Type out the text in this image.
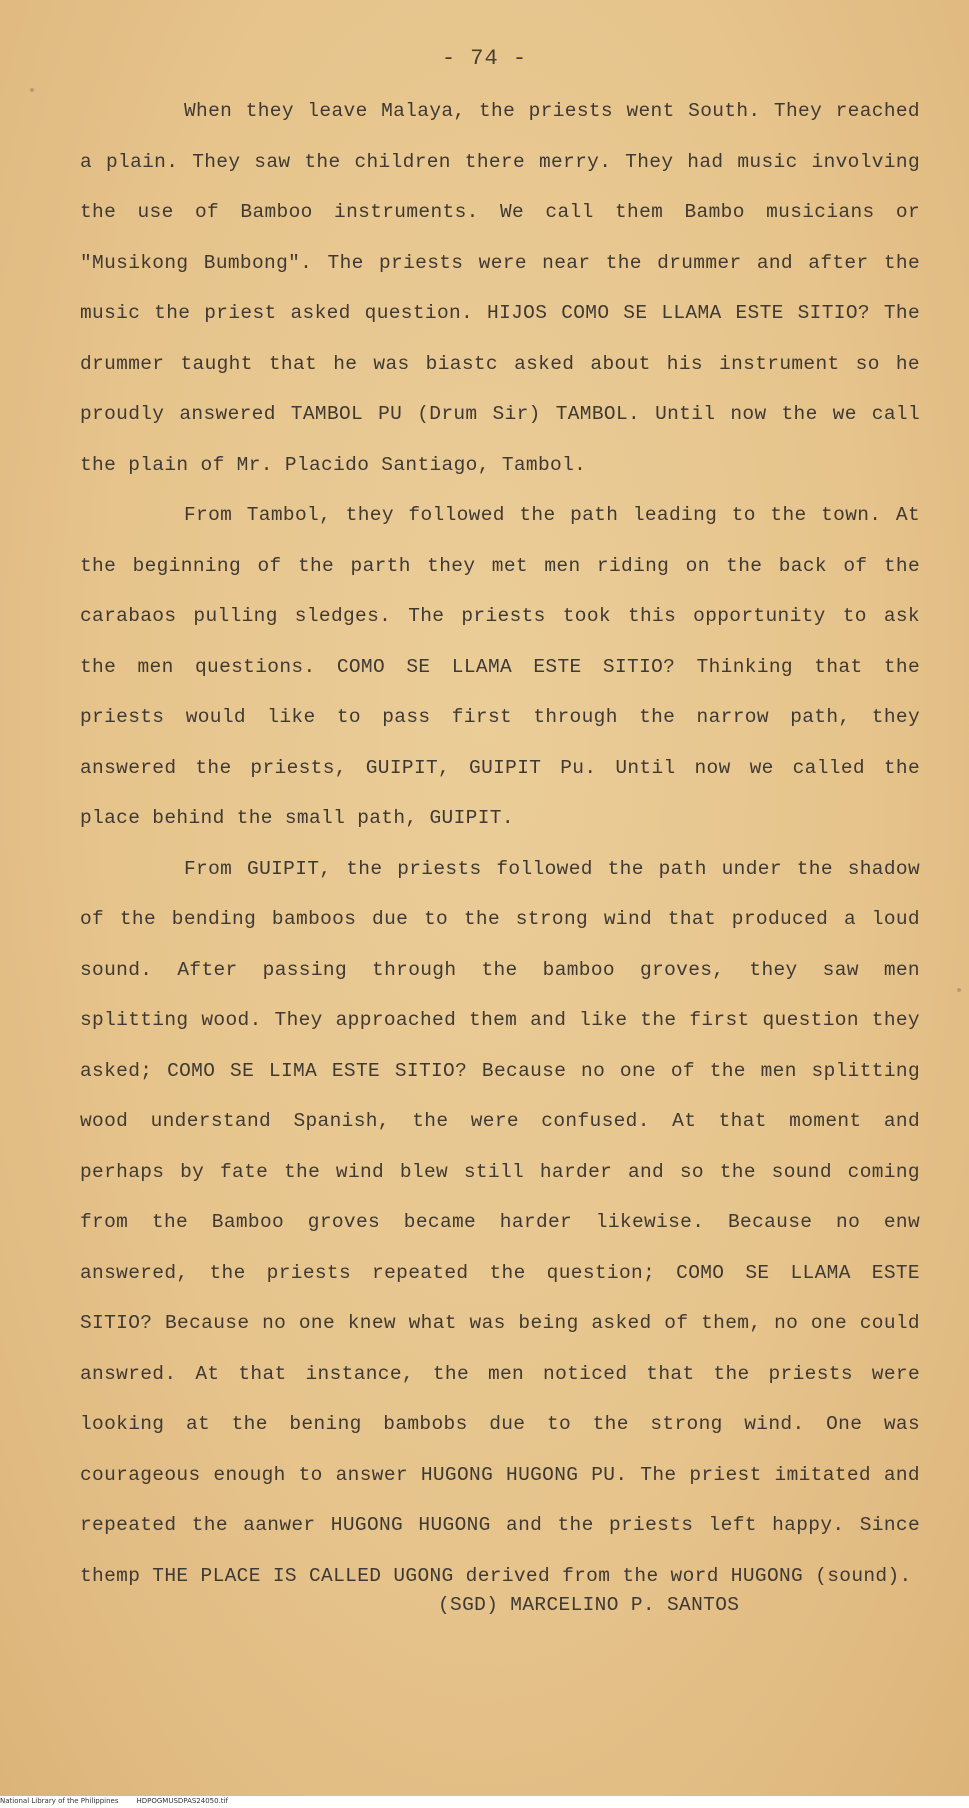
- 74 -

When they leave Malaya, the priests went South. They reached a plain. They saw the children there merry. They had music involving the use of Bamboo instruments. We call them Bambo musicians or "Musikong Bumbong". The priests were near the drummer and after the music the priest asked question. HIJOS COMO SE LLAMA ESTE SITIO? The drummer taught that he was biastc asked about his instrument so he proudly answered TAMBOL PU (Drum Sir) TAMBOL. Until now the we call the plain of Mr. Placido Santiago, Tambol.

From Tambol, they followed the path leading to the town. At the beginning of the parth they met men riding on the back of the carabaos pulling sledges. The priests took this opportunity to ask the men questions. COMO SE LLAMA ESTE SITIO? Thinking that the priests would like to pass first through the narrow path, they answered the priests, GUIPIT, GUIPIT Pu. Until now we called the place behind the small path, GUIPIT.

From GUIPIT, the priests followed the path under the shadow of the bending bamboos due to the strong wind that produced a loud sound. After passing through the bamboo groves, they saw men splitting wood. They approached them and like the first question they asked; COMO SE LIMA ESTE SITIO? Because no one of the men splitting wood understand Spanish, the were confused. At that moment and perhaps by fate the wind blew still harder and so the sound coming from the Bamboo groves became harder likewise. Because no enw answered, the priests repeated the question; COMO SE LLAMA ESTE SITIO? Because no one knew what was being asked of them, no one could answred. At that instance, the men noticed that the priests were looking at the bening bambobs due to the strong wind. One was courageous enough to answer HUGONG HUGONG PU. The priest imitated and repeated the aanwer HUGONG HUGONG and the priests left happy. Since themp THE PLACE IS CALLED UGONG derived from the word HUGONG (sound).

(SGD) MARCELINO P. SANTOS
National Library of the Philippines	HDPOGMUSDPAS24050.tif
